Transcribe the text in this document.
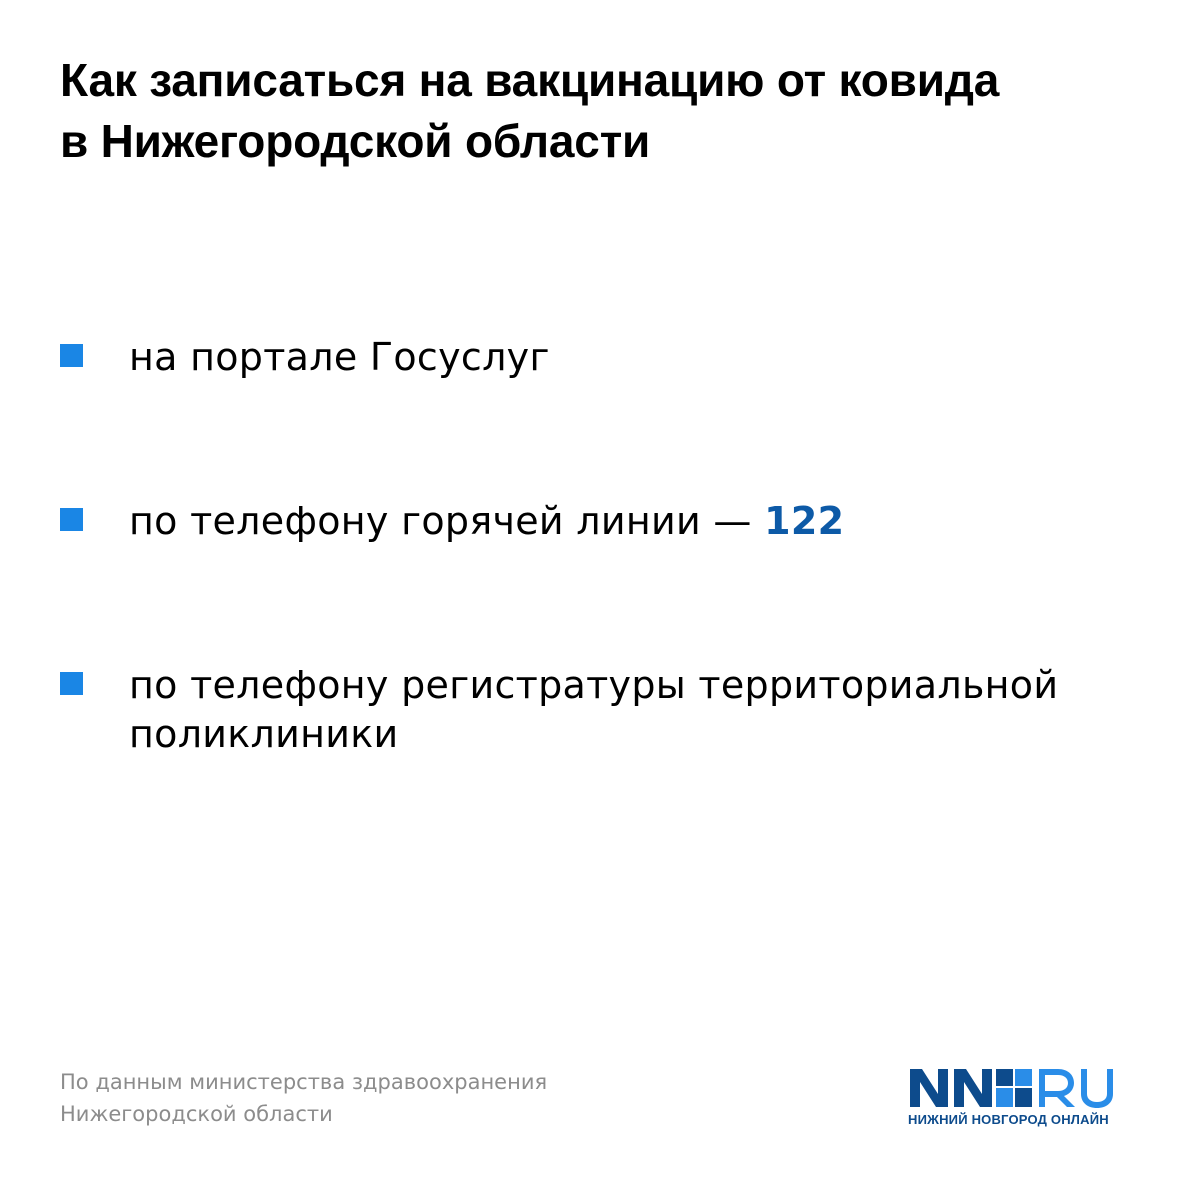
Как записаться на вакцинацию от ковида
в Нижегородской области
на портале Госуслуг
по телефону горячей линии — 122
по телефону регистратуры территориальной
поликлиники
По данным министерства здравоохранения
Нижегородской области	НИЖНИЙ НОВГОРОД ОНЛАЙН
